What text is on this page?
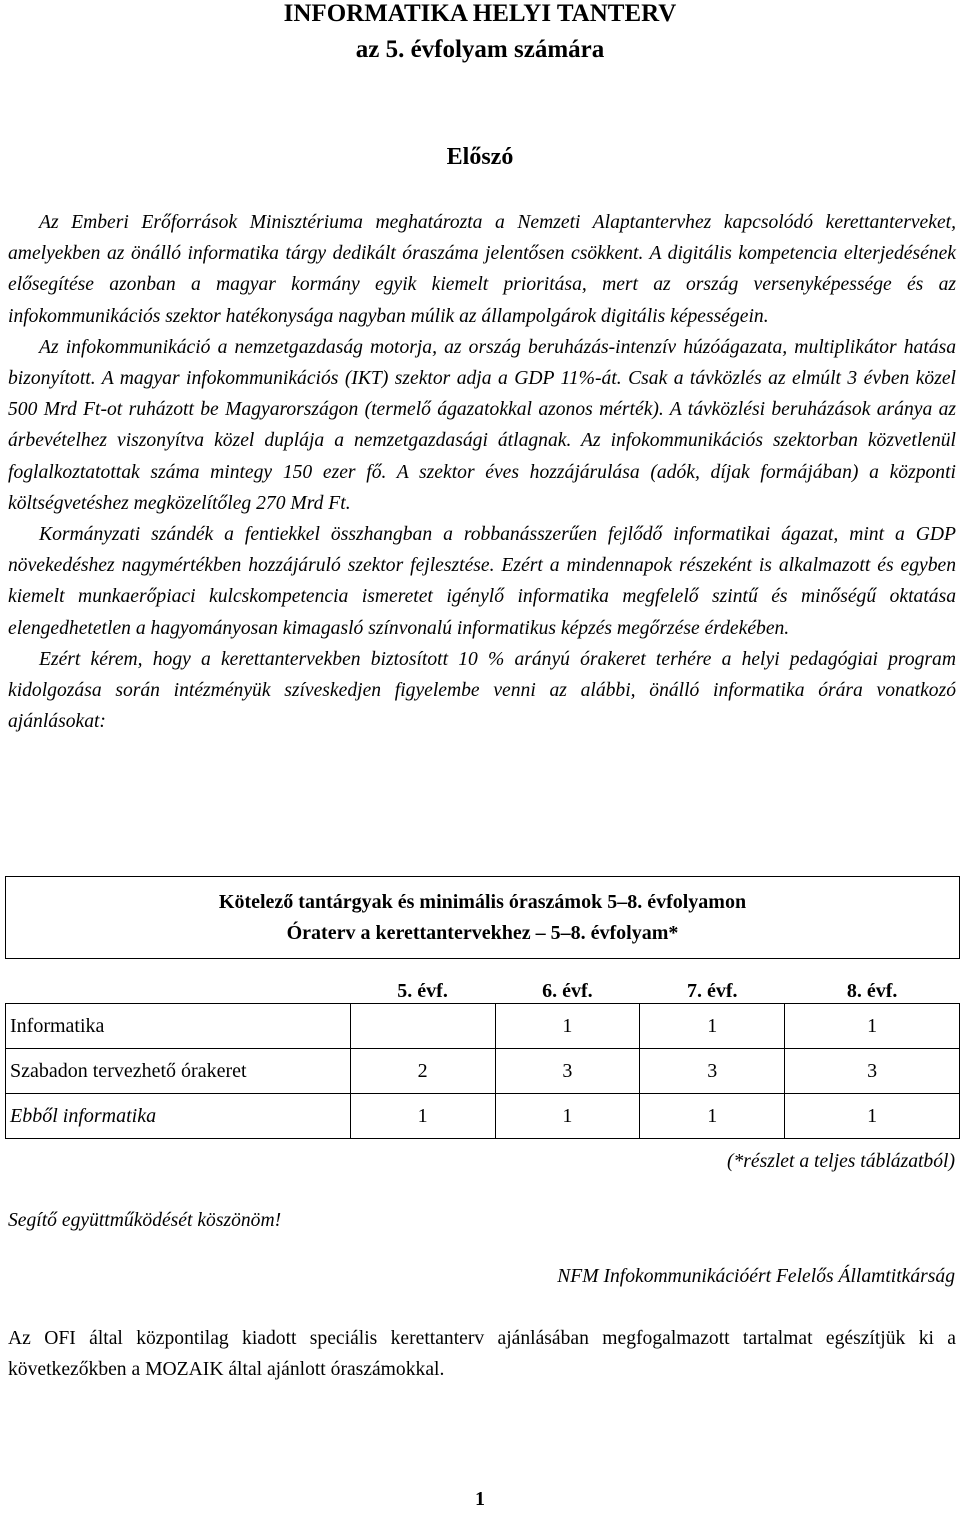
INFORMATIKA HELYI TANTERV
az 5. évfolyam számára
Előszó

Az Emberi Erőforrások Minisztériuma meghatározta a Nemzeti Alaptantervhez kapcsolódó kerettanterveket, amelyekben az önálló informatika tárgy dedikált óraszáma jelentősen csökkent. A digitális kompetencia elterjedésének elősegítése azonban a magyar kormány egyik kiemelt prioritása, mert az ország versenyképessége és az infokommunikációs szektor hatékonysága nagyban múlik az állampolgárok digitális képességein.

Az infokommunikáció a nemzetgazdaság motorja, az ország beruházás-intenzív húzóágazata, multiplikátor hatása bizonyított. A magyar infokommunikációs (IKT) szektor adja a GDP 11%-át. Csak a távközlés az elmúlt 3 évben közel 500 Mrd Ft-ot ruházott be Magyarországon (termelő ágazatokkal azonos mérték). A távközlési beruházások aránya az árbevételhez viszonyítva közel duplája a nemzetgazdasági átlagnak. Az infokommunikációs szektorban közvetlenül foglalkoztatottak száma mintegy 150 ezer fő. A szektor éves hozzájárulása (adók, díjak formájában) a központi költségvetéshez megközelítőleg 270 Mrd Ft.

Kormányzati szándék a fentiekkel összhangban a robbanásszerűen fejlődő informatikai ágazat, mint a GDP növekedéshez nagymértékben hozzájáruló szektor fejlesztése. Ezért a mindennapok részeként is alkalmazott és egyben kiemelt munkaerőpiaci kulcskompetencia ismeretet igénylő informatika megfelelő szintű és minőségű oktatása elengedhetetlen a hagyományosan kimagasló színvonalú informatikus képzés megőrzése érdekében.

Ezért kérem, hogy a kerettantervekben biztosított 10 % arányú órakeret terhére a helyi pedagógiai program kidolgozása során intézményük szíveskedjen figyelembe venni az alábbi, önálló informatika órára vonatkozó ajánlásokat:

Kötelező tantárgyak és minimális óraszámok 5–8. évfolyamon
Óraterv a kerettantervekhez – 5–8. évfolyam*				

	5. évf.	6. évf.	7. évf.	8. évf.
Informatika		1	1	1
Szabadon tervezhető órakeret	2	3	3	3
Ebből informatika	1	1	1	1
(*részlet a teljes táblázatból)
Segítő együttműködését köszönöm!
NFM Infokommunikációért Felelős Államtitkárság

Az OFI által központilag kiadott speciális kerettanterv ajánlásában megfogalmazott tartalmat egészítjük ki a következőkben a MOZAIK által ajánlott óraszámokkal.

1
